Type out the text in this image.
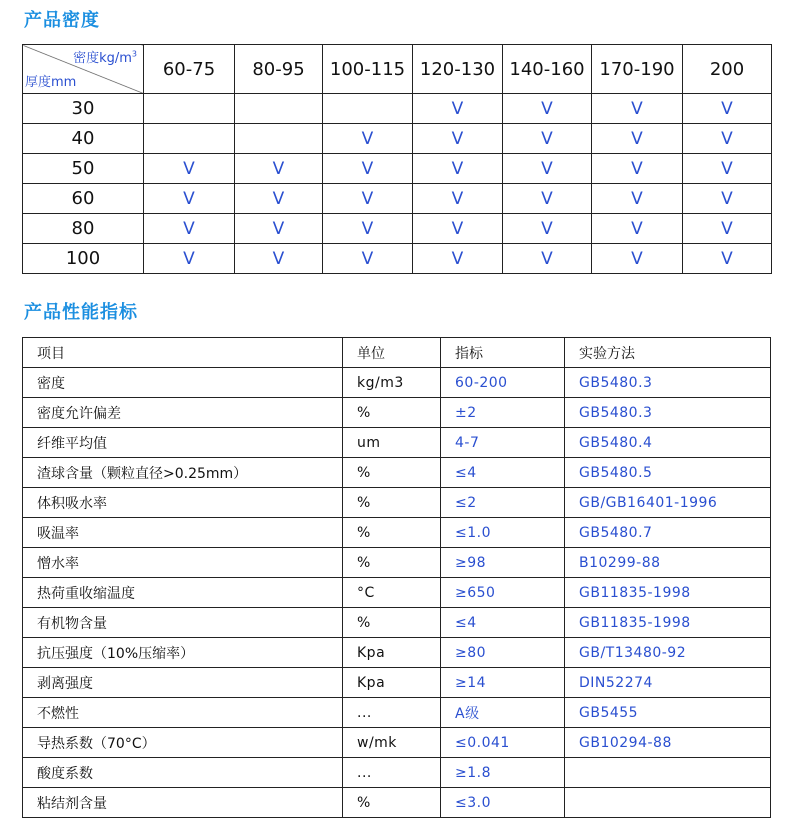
产品密度
密度$kg/m^3$
厚度mm	60-75	80-95	100-115	120-130	140-160	170-190	200
30				V	V	V	V
40			V	V	V	V	V
50	V	V	V	V	V	V	V
60	V	V	V	V	V	V	V
80	V	V	V	V	V	V	V
100	V	V	V	V	V	V	V
产品性能指标
项目	单位	指标	实验方法
密度	kg/m3	60-200	GB5480.3
密度允许偏差	%	±2	GB5480.3
纤维平均值	um	4-7	GB5480.4
渣球含量（颗粒直径>0.25mm）	%	≤4	GB5480.5
体积吸水率	%	≤2	GB/GB16401-1996
吸温率	%	≤1.0	GB5480.7
憎水率	%	≥98	B10299-88
热荷重收缩温度	°C	≥650	GB11835-1998
有机物含量	%	≤4	GB11835-1998
抗压强度（10%压缩率）	Kpa	≥80	GB/T13480-92
剥离强度	Kpa	≥14	DIN52274
不燃性	...	A级	GB5455
导热系数（70°C）	w/mk	≤0.041	GB10294-88
酸度系数	...	≥1.8	
粘结剂含量	%	≤3.0	
